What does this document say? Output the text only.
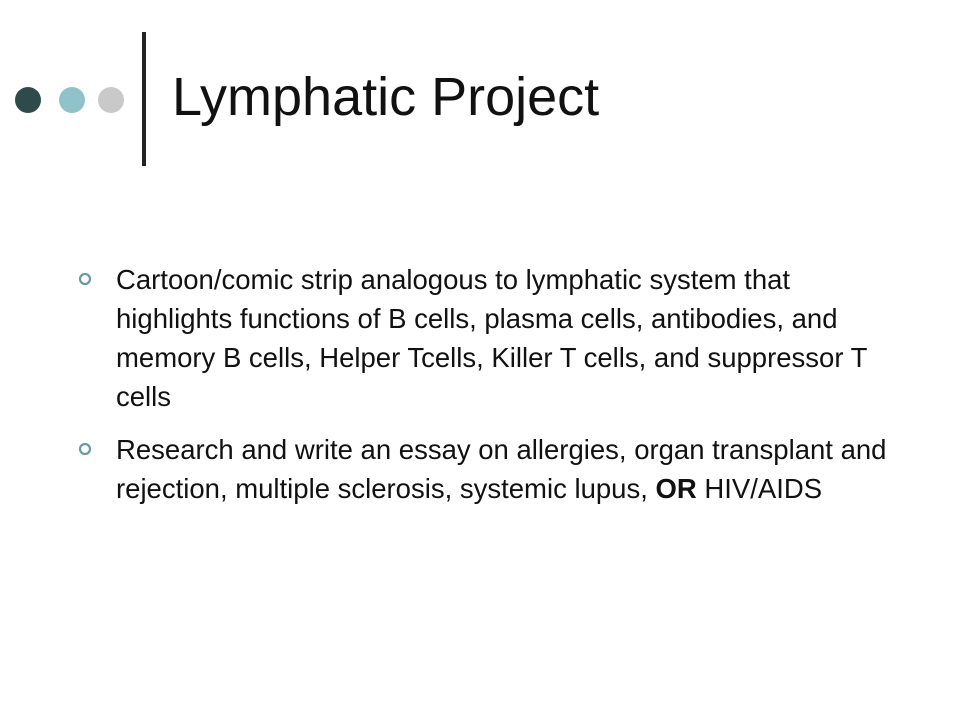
Lymphatic Project
Cartoon/comic strip analogous to lymphatic system that highlights functions of B cells, plasma cells, antibodies, and memory B cells, Helper Tcells, Killer T cells, and suppressor T cells
Research and write an essay on allergies, organ transplant and rejection, multiple sclerosis, systemic lupus, OR HIV/AIDS
